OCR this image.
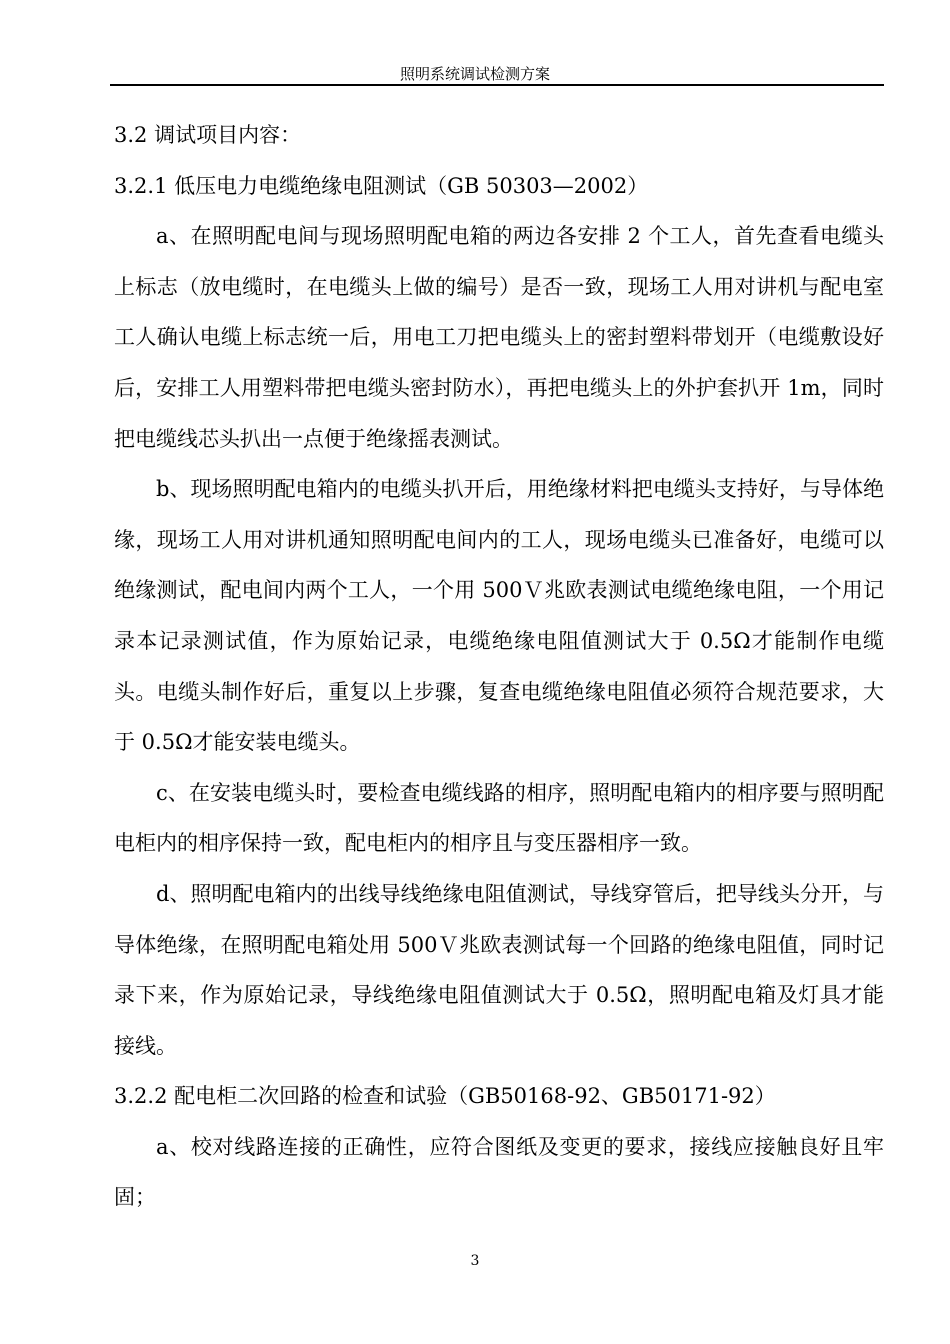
照明系统调试检测方案

3.2 调试项目内容：

3.2.1 低压电力电缆绝缘电阻测试（GB 50303—2002）

a、在照明配电间与现场照明配电箱的两边各安排 2 个工人，首先查看电缆头上标志（放电缆时，在电缆头上做的编号）是否一致，现场工人用对讲机与配电室工人确认电缆上标志统一后，用电工刀把电缆头上的密封塑料带划开（电缆敷设好后，安排工人用塑料带把电缆头密封防水），再把电缆头上的外护套扒开 1m，同时把电缆线芯头扒出一点便于绝缘摇表测试。

b、现场照明配电箱内的电缆头扒开后，用绝缘材料把电缆头支持好，与导体绝缘，现场工人用对讲机通知照明配电间内的工人，现场电缆头已准备好，电缆可以绝缘测试，配电间内两个工人，一个用 500Ｖ兆欧表测试电缆绝缘电阻，一个用记录本记录测试值，作为原始记录，电缆绝缘电阻值测试大于 0.5Ω才能制作电缆头。电缆头制作好后，重复以上步骤，复查电缆绝缘电阻值必须符合规范要求，大于 0.5Ω才能安装电缆头。

c、在安装电缆头时，要检查电缆线路的相序，照明配电箱内的相序要与照明配电柜内的相序保持一致，配电柜内的相序且与变压器相序一致。

d、照明配电箱内的出线导线绝缘电阻值测试，导线穿管后，把导线头分开，与导体绝缘，在照明配电箱处用 500Ｖ兆欧表测试每一个回路的绝缘电阻值，同时记录下来，作为原始记录，导线绝缘电阻值测试大于 0.5Ω，照明配电箱及灯具才能接线。

3.2.2 配电柜二次回路的检查和试验（GB50168-92、GB50171-92）

a、校对线路连接的正确性，应符合图纸及变更的要求，接线应接触良好且牢固；

3
